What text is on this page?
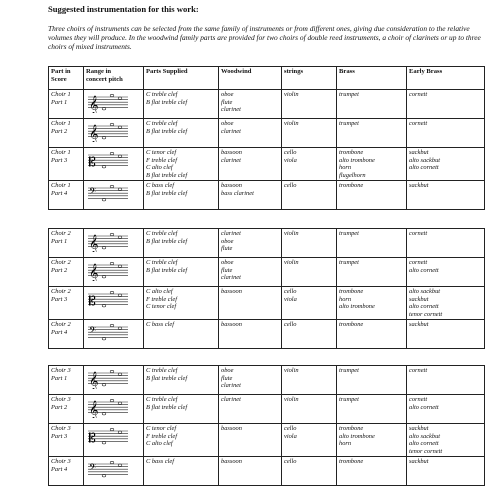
Suggested instrumentation for this work:
Three choirs of instruments can be selected from the same family of instruments or from different ones, giving due consideration to the relative volumes they will produce. In the woodwind family parts are provided for two choirs of double reed instruments, a choir of clarinets or up to three choirs of mixed instruments.
Part in
Score	Range in
concert pitch	Parts Supplied	Woodwind	strings	Brass	Early Brass

Choir 1
Part 1	𝄞	C treble clef
B flat treble clef	oboe
flute
clarinet	violin	trumpet	cornett

Choir 1
Part 2	𝄞	C treble clef
B flat treble clef	oboe
clarinet	violin	trumpet	cornett

Choir 1
Part 3	𝄡	C tenor clef
F treble clef
C alto clef
B flat treble clef	bassoon
clarinet	cello
viola	trombone
alto trombone
horn
flugelhorn	sackbut
alto sackbut
alto cornett

Choir 1
Part 4	𝄢	C bass clef
B flat treble clef	bassoon
bass clarinet	cello	trombone	sackbut
Choir 2
Part 1	𝄞	C treble clef
B flat treble clef	clarinet
oboe
flute	violin	trumpet	cornett

Choir 2
Part 2	𝄞	C treble clef
B flat treble clef	oboe
flute
clarinet	violin	trumpet	cornett
alto cornett

Choir 2
Part 3	𝄡	C alto clef
F treble clef
C tenor clef	bassoon	cello
viola	trombone
horn
alto trombone	alto sackbut
sackbut
alto cornett
tenor cornett

Choir 2
Part 4	𝄢	C bass clef	bassoon	cello	trombone	sackbut
Choir 3
Part 1	𝄞	C treble clef
B flat treble clef	oboe
flute
clarinet	violin	trumpet	cornett

Choir 3
Part 2	𝄞	C treble clef
B flat treble clef	clarinet	violin	trumpet	cornett
alto cornett

Choir 3
Part 3	𝄡	C tenor clef
F treble clef
C alto clef	bassoon	cello
viola	trombone
alto trombone
horn	sackbut
alto sackbut
alto cornett
tenor cornett

Choir 3
Part 4	𝄢	C bass clef	bassoon	cello	trombone	sackbut
